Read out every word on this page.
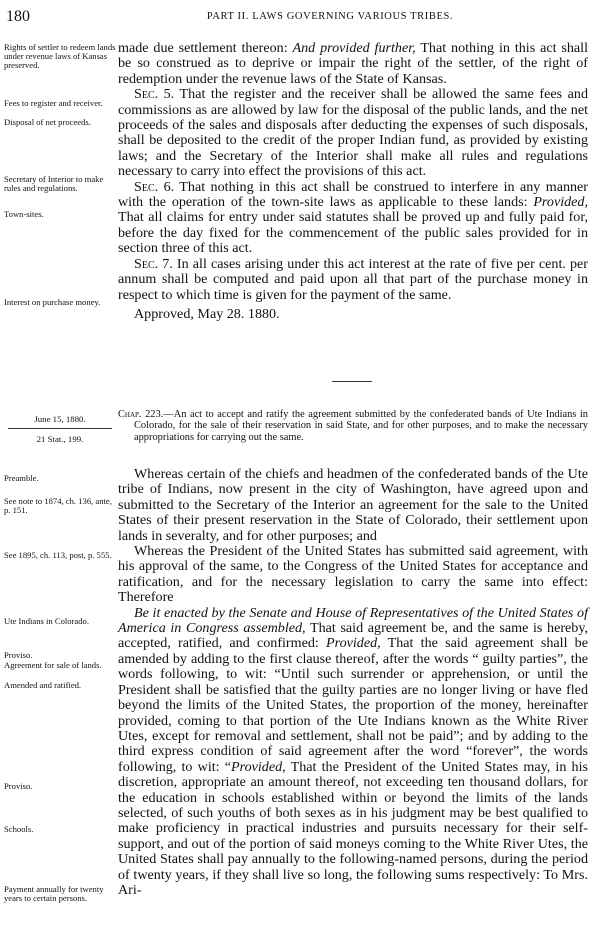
180	PART II. LAWS GOVERNING VARIOUS TRIBES.
Rights of settler to redeem lands under revenue laws of Kansas preserved.
Fees to register and receiver.
Disposal of net proceeds.
Secretary of Interior to make rules and regulations.
Town-sites.
Interest on purchase money.
Preamble.
See note to 1874, ch. 136, ante, p. 151.
See 1895, ch. 113, post, p. 555.
Ute Indians in Colorado.
Proviso.
Agreement for sale of lands.
Amended and ratified.
Proviso.
Schools.
Payment annually for twenty years to certain persons.

made due settlement thereon: And provided further, That nothing in this act shall be so construed as to deprive or impair the right of the settler, of the right of redemption under the revenue laws of the State of Kansas.

Sec. 5. That the register and the receiver shall be allowed the same fees and commissions as are allowed by law for the disposal of the public lands, and the net proceeds of the sales and disposals after deducting the expenses of such disposals, shall be deposited to the credit of the proper Indian fund, as provided by existing laws; and the Secretary of the Interior shall make all rules and regulations necessary to carry into effect the provisions of this act.

Sec. 6. That nothing in this act shall be construed to interfere in any manner with the operation of the town-site laws as applicable to these lands: Provided, That all claims for entry under said statutes shall be proved up and fully paid for, before the day fixed for the commencement of the public sales provided for in section three of this act.

Sec. 7. In all cases arising under this act interest at the rate of five per cent. per annum shall be computed and paid upon all that part of the purchase money in respect to which time is given for the payment of the same.

Approved, May 28. 1880.

June 15, 1880.
21 Stat., 199.

Chap. 223.—An act to accept and ratify the agreement submitted by the confederated bands of Ute Indians in Colorado, for the sale of their reservation in said State, and for other purposes, and to make the necessary appropriations for carrying out the same.

Whereas certain of the chiefs and headmen of the confederated bands of the Ute tribe of Indians, now present in the city of Washington, have agreed upon and submitted to the Secretary of the Interior an agreement for the sale to the United States of their present reservation in the State of Colorado, their settlement upon lands in severalty, and for other purposes; and

Whereas the President of the United States has submitted said agreement, with his approval of the same, to the Congress of the United States for acceptance and ratification, and for the necessary legislation to carry the same into effect: Therefore

Be it enacted by the Senate and House of Representatives of the United States of America in Congress assembled, That said agreement be, and the same is hereby, accepted, ratified, and confirmed: Provided, That the said agreement shall be amended by adding to the first clause thereof, after the words “ guilty parties”, the words following, to wit: “Until such surrender or apprehension, or until the President shall be satisfied that the guilty parties are no longer living or have fled beyond the limits of the United States, the proportion of the money, hereinafter provided, coming to that portion of the Ute Indians known as the White River Utes, except for removal and settlement, shall not be paid”; and by adding to the third express condition of said agreement after the word “forever”, the words following, to wit: “Provided, That the President of the United States may, in his discretion, appropriate an amount thereof, not exceeding ten thousand dollars, for the education in schools established within or beyond the limits of the lands selected, of such youths of both sexes as in his judgment may be best qualified to make proficiency in practical industries and pursuits necessary for their self-support, and out of the portion of said moneys coming to the White River Utes, the United States shall pay annually to the following-named persons, during the period of twenty years, if they shall live so long, the following sums respectively: To Mrs. Ari-
